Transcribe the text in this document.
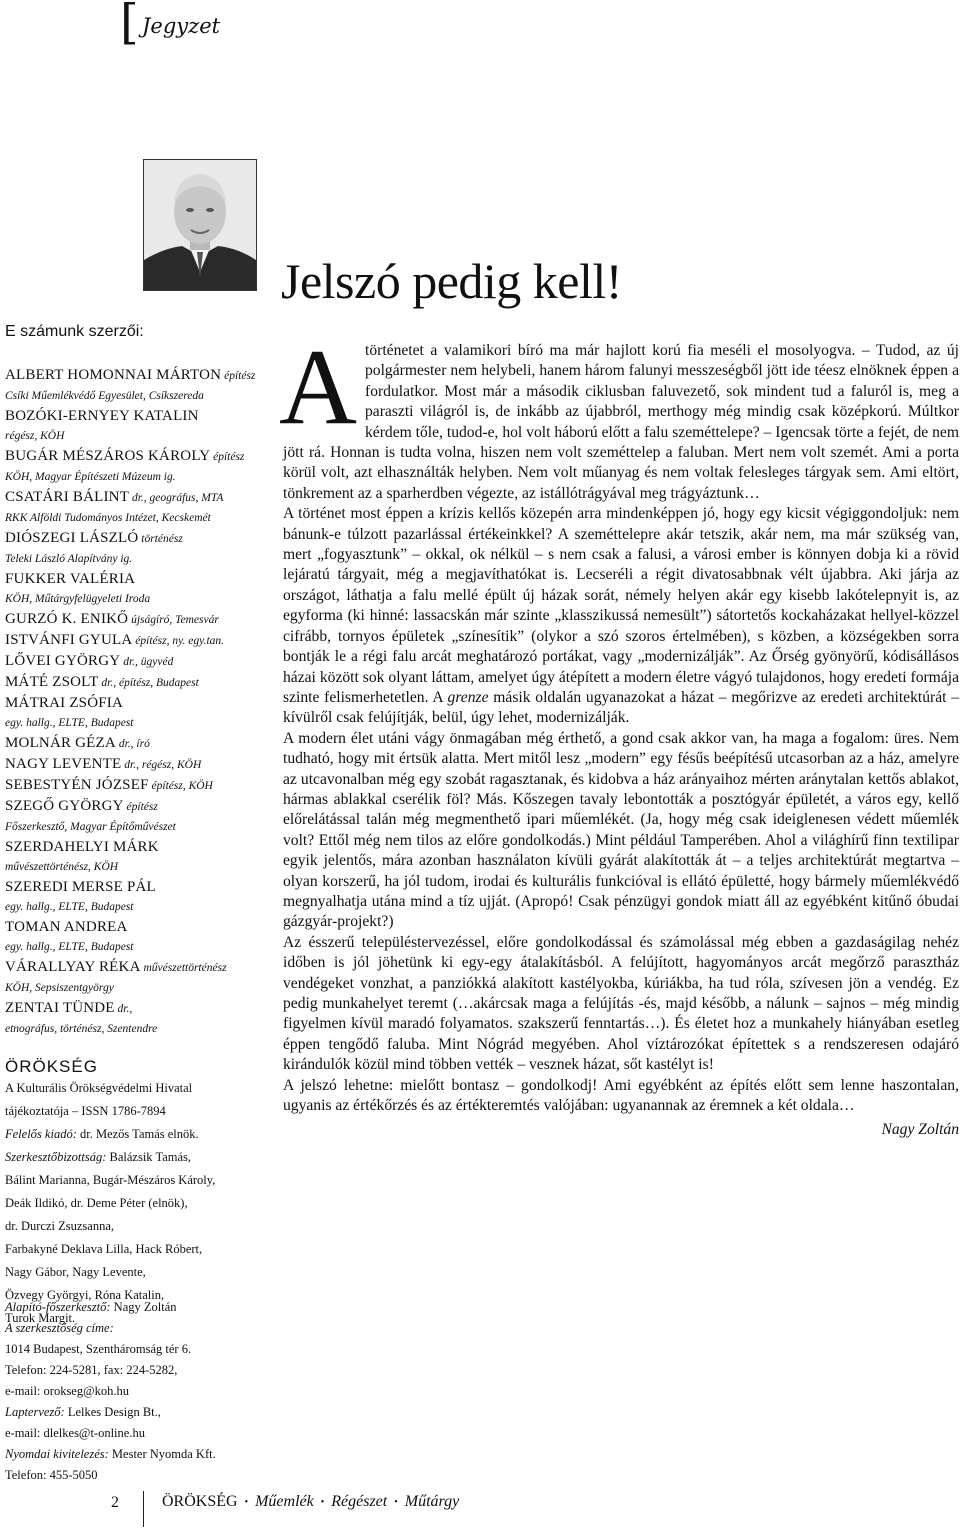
[ Jegyzet
E számunk szerzői:
ALBERT HOMONNAI MÁRTON építész
Csíki Műemlékvédő Egyesület, Csíkszereda
BOZÓKI-ERNYEY KATALIN
régész, KÖH
BUGÁR MÉSZÁROS KÁROLY építész
KÖH, Magyar Építészeti Múzeum ig.
CSATÁRI BÁLINT dr., geográfus, MTA
RKK Alföldi Tudományos Intézet, Kecskemét
DIÓSZEGI LÁSZLÓ történész
Teleki László Alapítvány ig.
FUKKER VALÉRIA
KÖH, Műtárgyfelügyeleti Iroda
GURZÓ K. ENIKŐ újságíró, Temesvár
ISTVÁNFI GYULA építész, ny. egy.tan.
LŐVEI GYÖRGY dr., ügyvéd
MÁTÉ ZSOLT dr., építész, Budapest
MÁTRAI ZSÓFIA
egy. hallg., ELTE, Budapest
MOLNÁR GÉZA dr., író
NAGY LEVENTE dr., régész, KÖH
SEBESTYÉN JÓZSEF építész, KÖH
SZEGŐ GYÖRGY építész
Főszerkesztő, Magyar Építőművészet
SZERDAHELYI MÁRK
művészettörténész, KÖH
SZEREDI MERSE PÁL
egy. hallg., ELTE, Budapest
TOMAN ANDREA
egy. hallg., ELTE, Budapest
VÁRALLYAY RÉKA művészettörténész
KÖH, Sepsiszentgyörgy
ZENTAI TÜNDE dr.,
etnográfus, történész, Szentendre
ÖRÖKSÉG
A Kulturális Örökségvédelmi Hivatal
tájékoztatója – ISSN 1786-7894
Felelős kiadó: dr. Mezős Tamás elnök.
Szerkesztőbizottság: Balázsik Tamás,
Bálint Marianna, Bugár-Mészáros Károly,
Deák Ildikó, dr. Deme Péter (elnök),
dr. Durczi Zsuzsanna,
Farbakyné Deklava Lilla, Hack Róbert,
Nagy Gábor, Nagy Levente,
Özvegy Györgyi, Róna Katalin,
Turok Margit.
Alapító-főszerkesztő: Nagy Zoltán
A szerkesztőség címe:
1014 Budapest, Szentháromság tér 6.
Telefon: 224-5281, fax: 224-5282,
e-mail: orokseg@koh.hu
Laptervező: Lelkes Design Bt.,
e-mail: dlelkes@t-online.hu
Nyomdai kivitelezés: Mester Nyomda Kft.
Telefon: 455-5050
Jelszó pedig kell!

A történetet a valamikori bíró ma már hajlott korú fia meséli el mosolyogva. – Tudod, az új polgármester nem helybeli, hanem három falunyi messzeségből jött ide téesz elnöknek éppen a fordulatkor. Most már a második ciklusban faluvezető, sok mindent tud a faluról is, meg a paraszti világról is, de inkább az újabbról, merthogy még mindig csak középkorú. Múltkor kérdem tőle, tudod-e, hol volt háború előtt a falu szeméttelepe? – Igencsak törte a fejét, de nem jött rá. Honnan is tudta volna, hiszen nem volt szeméttelep a faluban. Mert nem volt szemét. Ami a porta körül volt, azt elhasználták helyben. Nem volt műanyag és nem voltak felesleges tárgyak sem. Ami eltört, tönkrement az a sparherdben végezte, az istállótrágyával meg trágyáztunk…

A történet most éppen a krízis kellős közepén arra mindenképpen jó, hogy egy kicsit végiggondoljuk: nem bánunk-e túlzott pazarlással értékeinkkel? A szeméttelepre akár tetszik, akár nem, ma már szükség van, mert „fogyasztunk” – okkal, ok nélkül – s nem csak a falusi, a városi ember is könnyen dobja ki a rövid lejáratú tárgyait, még a megjavíthatókat is. Lecseréli a régit divatosabbnak vélt újabbra. Aki járja az országot, láthatja a falu mellé épült új házak sorát, némely helyen akár egy kisebb lakótelepnyit is, az egyforma (ki hinné: lassacskán már szinte „klasszikussá nemesült”) sátortetős kockaházakat hellyel-közzel cifrább, tornyos épületek „színesítik” (olykor a szó szoros értelmében), s közben, a községekben sorra bontják le a régi falu arcát meghatározó portákat, vagy „modernizálják”. Az Őrség gyönyörű, kódisállásos házai között sok olyant láttam, amelyet úgy átépített a modern életre vágyó tulajdonos, hogy eredeti formája szinte felismerhetetlen. A grenze másik oldalán ugyanazokat a házat – megőrizve az eredeti architektúrát – kívülről csak felújítják, belül, úgy lehet, modernizálják.

A modern élet utáni vágy önmagában még érthető, a gond csak akkor van, ha maga a fogalom: üres. Nem tudható, hogy mit értsük alatta. Mert mitől lesz „modern” egy fésűs beépítésű utcasorban az a ház, amelyre az utcavonalban még egy szobát ragasztanak, és kidobva a ház arányaihoz mérten aránytalan kettős ablakot, hármas ablakkal cserélik föl? Más. Kőszegen tavaly lebontották a posztógyár épületét, a város egy, kellő előrelátással talán még megmenthető ipari műemlékét. (Ja, hogy még csak ideiglenesen védett műemlék volt? Ettől még nem tilos az előre gondolkodás.) Mint például Tamperében. Ahol a világhírű finn textilipar egyik jelentős, mára azonban használaton kívüli gyárát alakították át – a teljes architektúrát megtartva – olyan korszerű, ha jól tudom, irodai és kulturális funkcióval is ellátó épületté, hogy bármely műemlékvédő megnyalhatja utána mind a tíz ujját. (Apropó! Csak pénzügyi gondok miatt áll az egyébként kitűnő óbudai gázgyár-projekt?)

Az ésszerű településtervezéssel, előre gondolkodással és számolással még ebben a gazdaságilag nehéz időben is jól jöhetünk ki egy-egy átalakításból. A felújított, hagyományos arcát megőrző parasztház vendégeket vonzhat, a panziókká alakított kastélyokba, kúriákba, ha tud róla, szívesen jön a vendég. Ez pedig munkahelyet teremt (…akárcsak maga a felújítás -és, majd később, a nálunk – sajnos – még mindig figyelmen kívül maradó folyamatos. szakszerű fenntartás…). És életet hoz a munkahely hiányában esetleg éppen tengődő faluba. Mint Nógrád megyében. Ahol víztározókat építettek s a rendszeresen odajáró kirándulók közül mind többen vették – vesznek házat, sőt kastélyt is!

A jelszó lehetne: mielőtt bontasz – gondolkodj! Ami egyébként az építés előtt sem lenne haszontalan, ugyanis az értékőrzés és az értékteremtés valójában: ugyanannak az éremnek a két oldala…

Nagy Zoltán
2	ÖRÖKSÉG • Műemlék • Régészet • Műtárgy
